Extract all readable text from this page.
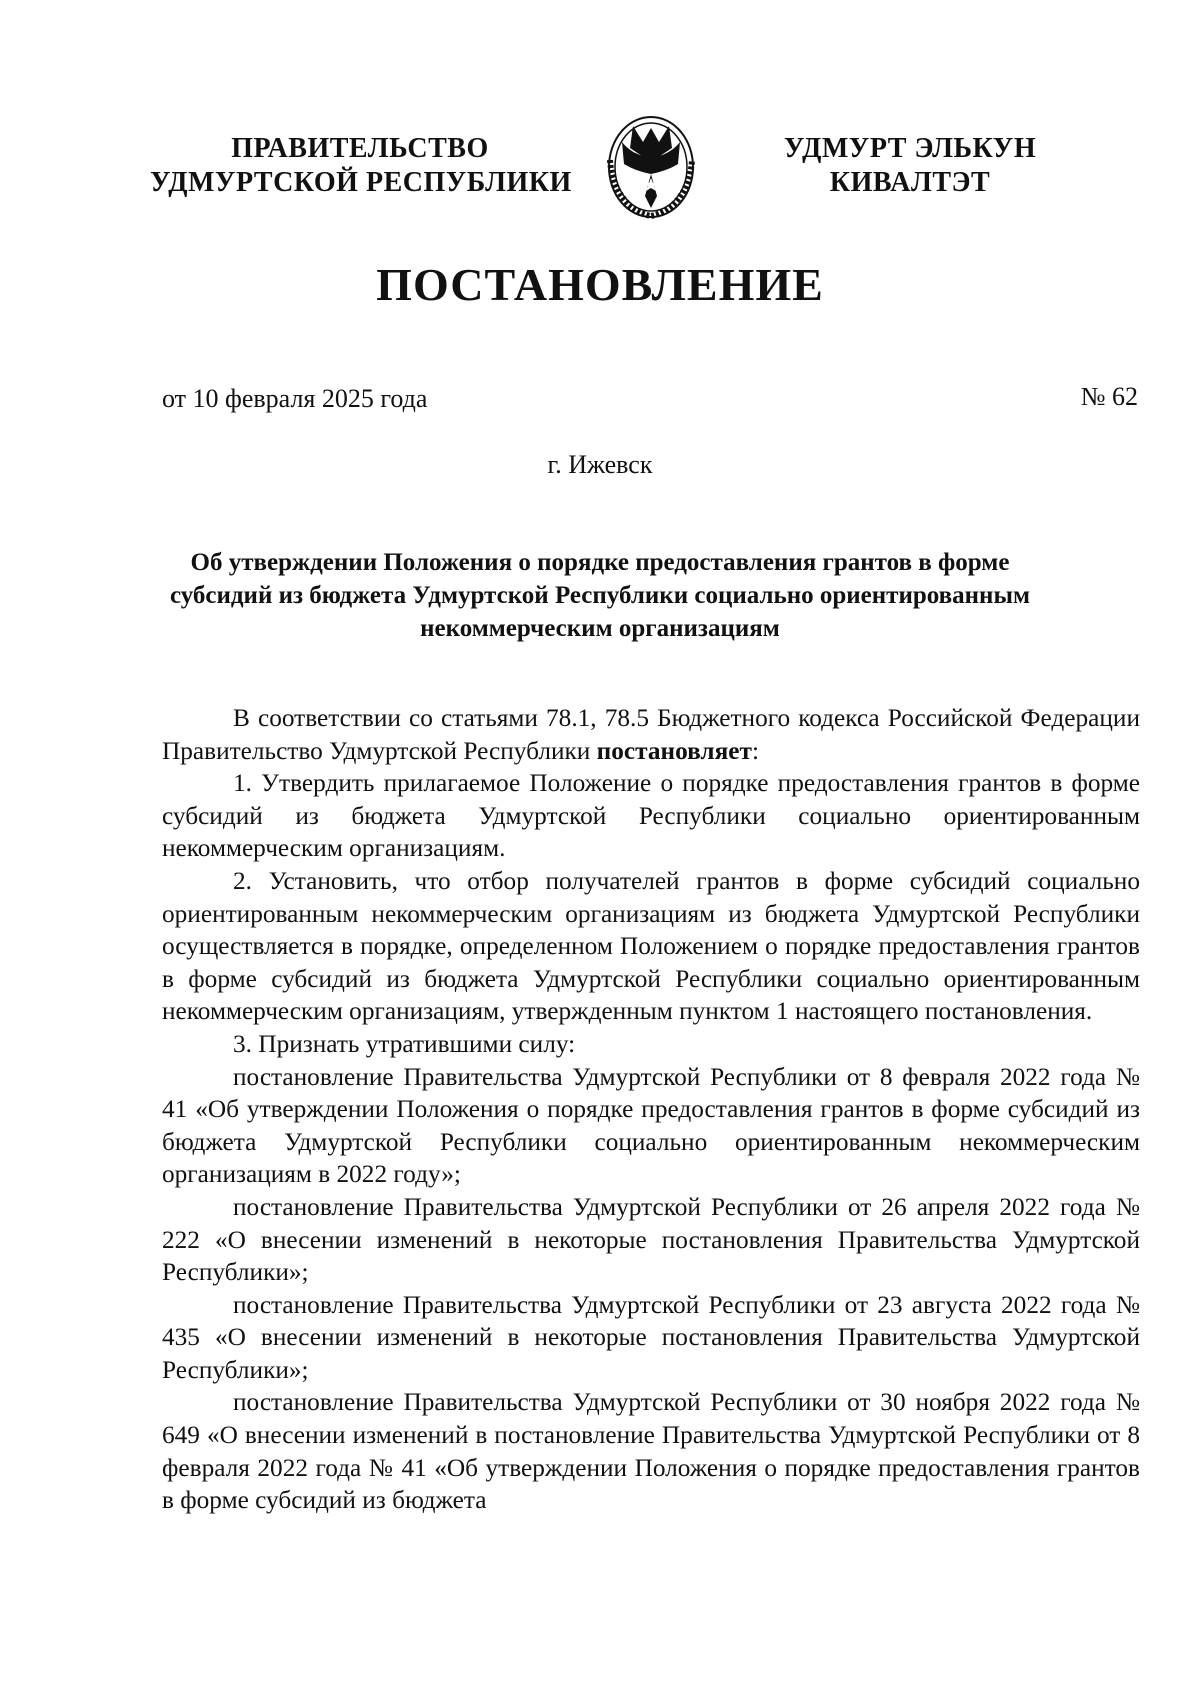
ПРАВИТЕЛЬСТВО
УДМУРТСКОЙ РЕСПУБЛИКИ
УДМУРТ ЭЛЬКУН
КИВАЛТЭТ
ПОСТАНОВЛЕНИЕ
от 10 февраля 2025 года	№ 62
г. Ижевск
Об утверждении Положения о порядке предоставления грантов в форме субсидий из бюджета Удмуртской Республики социально ориентированным некоммерческим организациям

В соответствии со статьями 78.1, 78.5 Бюджетного кодекса Российской Федерации Правительство Удмуртской Республики постановляет:

1. Утвердить прилагаемое Положение о порядке предоставления грантов в форме субсидий из бюджета Удмуртской Республики социально ориентированным некоммерческим организациям.

2. Установить, что отбор получателей грантов в форме субсидий социально ориентированным некоммерческим организациям из бюджета Удмуртской Республики осуществляется в порядке, определенном Положением о порядке предоставления грантов в форме субсидий из бюджета Удмуртской Республики социально ориентированным некоммерческим организациям, утвержденным пунктом 1 настоящего постановления.

3. Признать утратившими силу:

постановление Правительства Удмуртской Республики от 8 февраля 2022 года № 41 «Об утверждении Положения о порядке предоставления грантов в форме субсидий из бюджета Удмуртской Республики социально ориентированным некоммерческим организациям в 2022 году»;

постановление Правительства Удмуртской Республики от 26 апреля 2022 года № 222 «О внесении изменений в некоторые постановления Правительства Удмуртской Республики»;

постановление Правительства Удмуртской Республики от 23 августа 2022 года № 435 «О внесении изменений в некоторые постановления Правительства Удмуртской Республики»;

постановление Правительства Удмуртской Республики от 30 ноября 2022 года № 649 «О внесении изменений в постановление Правительства Удмуртской Республики от 8 февраля 2022 года № 41 «Об утверждении Положения о порядке предоставления грантов в форме субсидий из бюджета
